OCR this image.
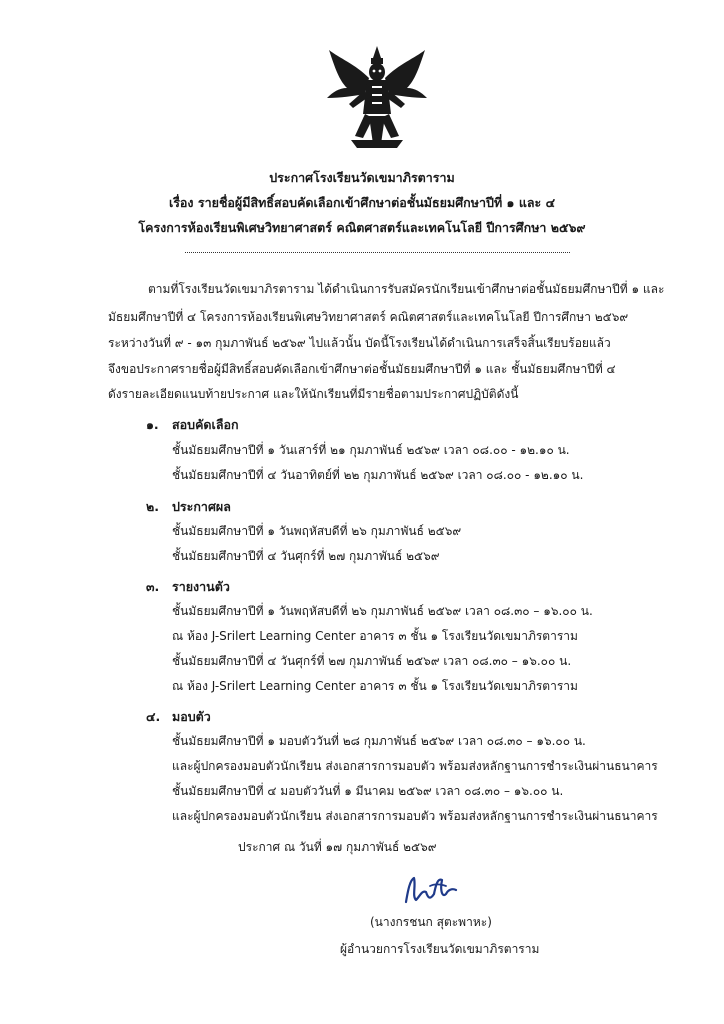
ประกาศโรงเรียนวัดเขมาภิรตาราม
เรื่อง รายชื่อผู้มีสิทธิ์สอบคัดเลือกเข้าศึกษาต่อชั้นมัธยมศึกษาปีที่ ๑ และ ๔
โครงการห้องเรียนพิเศษวิทยาศาสตร์ คณิตศาสตร์และเทคโนโลยี ปีการศึกษา ๒๕๖๙
ตามที่โรงเรียนวัดเขมาภิรตาราม ได้ดำเนินการรับสมัครนักเรียนเข้าศึกษาต่อชั้นมัธยมศึกษาปีที่ ๑ และ
มัธยมศึกษาปีที่ ๔ โครงการห้องเรียนพิเศษวิทยาศาสตร์ คณิตศาสตร์และเทคโนโลยี ปีการศึกษา ๒๕๖๙
ระหว่างวันที่ ๙ - ๑๓ กุมภาพันธ์ ๒๕๖๙ ไปแล้วนั้น บัดนี้โรงเรียนได้ดำเนินการเสร็จสิ้นเรียบร้อยแล้ว
จึงขอประกาศรายชื่อผู้มีสิทธิ์สอบคัดเลือกเข้าศึกษาต่อชั้นมัธยมศึกษาปีที่ ๑ และ ชั้นมัธยมศึกษาปีที่ ๔
ดังรายละเอียดแนบท้ายประกาศ และให้นักเรียนที่มีรายชื่อตามประกาศปฏิบัติดังนี้
๑. สอบคัดเลือก
ชั้นมัธยมศึกษาปีที่ ๑ วันเสาร์ที่ ๒๑ กุมภาพันธ์ ๒๕๖๙ เวลา ๐๘.๐๐ - ๑๒.๑๐ น.
ชั้นมัธยมศึกษาปีที่ ๔ วันอาทิตย์ที่ ๒๒ กุมภาพันธ์ ๒๕๖๙ เวลา ๐๘.๐๐ - ๑๒.๑๐ น.
๒. ประกาศผล
ชั้นมัธยมศึกษาปีที่ ๑ วันพฤหัสบดีที่ ๒๖ กุมภาพันธ์ ๒๕๖๙
ชั้นมัธยมศึกษาปีที่ ๔ วันศุกร์ที่ ๒๗ กุมภาพันธ์ ๒๕๖๙
๓. รายงานตัว
ชั้นมัธยมศึกษาปีที่ ๑ วันพฤหัสบดีที่ ๒๖ กุมภาพันธ์ ๒๕๖๙ เวลา ๐๘.๓๐ – ๑๖.๐๐ น.
ณ ห้อง J-Srilert Learning Center อาคาร ๓ ชั้น ๑ โรงเรียนวัดเขมาภิรตาราม
ชั้นมัธยมศึกษาปีที่ ๔ วันศุกร์ที่ ๒๗ กุมภาพันธ์ ๒๕๖๙ เวลา ๐๘.๓๐ – ๑๖.๐๐ น.
ณ ห้อง J-Srilert Learning Center อาคาร ๓ ชั้น ๑ โรงเรียนวัดเขมาภิรตาราม
๔. มอบตัว
ชั้นมัธยมศึกษาปีที่ ๑ มอบตัววันที่ ๒๘ กุมภาพันธ์ ๒๕๖๙ เวลา ๐๘.๓๐ – ๑๖.๐๐ น.
และผู้ปกครองมอบตัวนักเรียน ส่งเอกสารการมอบตัว พร้อมส่งหลักฐานการชำระเงินผ่านธนาคาร
ชั้นมัธยมศึกษาปีที่ ๔ มอบตัววันที่ ๑ มีนาคม ๒๕๖๙ เวลา ๐๘.๓๐ – ๑๖.๐๐ น.
และผู้ปกครองมอบตัวนักเรียน ส่งเอกสารการมอบตัว พร้อมส่งหลักฐานการชำระเงินผ่านธนาคาร
ประกาศ ณ วันที่ ๑๗ กุมภาพันธ์ ๒๕๖๙
(นางกรชนก สุตะพาหะ)
ผู้อำนวยการโรงเรียนวัดเขมาภิรตาราม
